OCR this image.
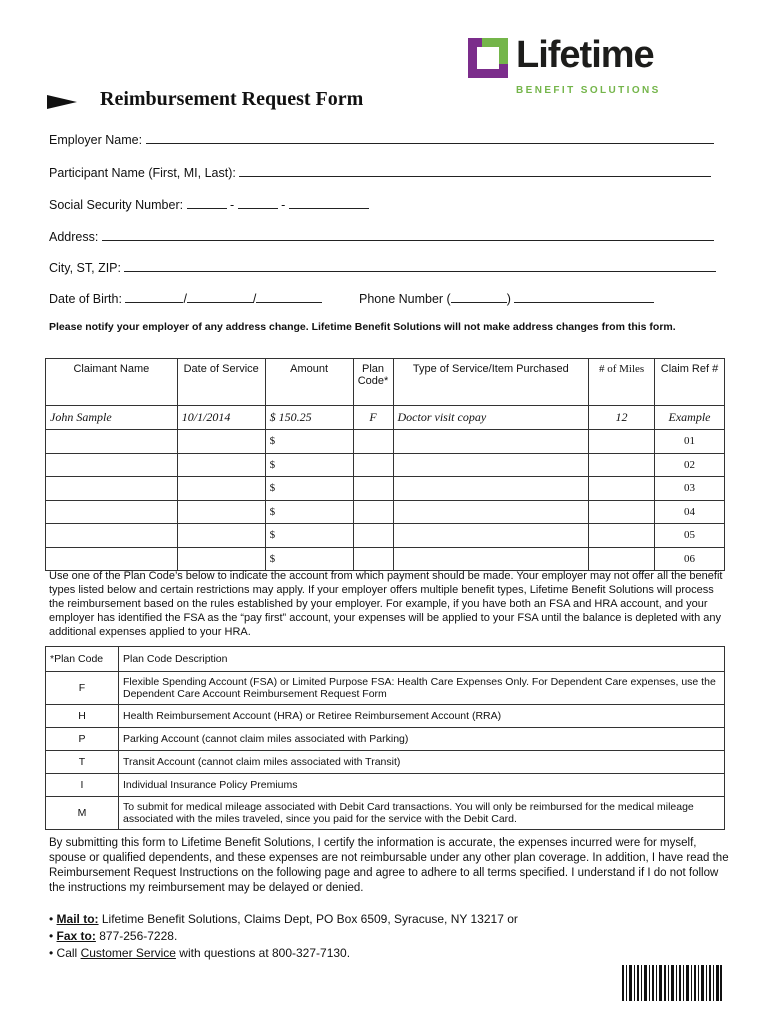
Lifetime
BENEFIT SOLUTIONS
Reimbursement Request Form
Employer Name:
Participant Name (First, MI, Last):
Social Security Number:	-	-
Address:
City, ST, ZIP:
Date of Birth:	/	/	Phone Number (	)
Please notify your employer of any address change. Lifetime Benefit Solutions will not make address changes from this form.
Claimant Name	Date of Service	Amount	Plan Code*	Type of Service/Item Purchased	# of Miles	Claim Ref #
John Sample	10/1/2014	$ 150.25	F	Doctor visit copay	12	Example
		$				01
		$				02
		$				03
		$				04
		$				05
		$				06
Use one of the Plan Code’s below to indicate the account from which payment should be made. Your employer may not offer all the benefit types listed below and certain restrictions may apply. If your employer offers multiple benefit types, Lifetime Benefit Solutions will process the reimbursement based on the rules established by your employer. For example, if you have both an FSA and HRA account, and your employer has identified the FSA as the “pay first” account, your expenses will be applied to your FSA until the balance is depleted with any additional expenses applied to your HRA.
*Plan Code	Plan Code Description
F	Flexible Spending Account (FSA) or Limited Purpose FSA: Health Care Expenses Only. For Dependent Care expenses, use the Dependent Care Account Reimbursement Request Form
H	Health Reimbursement Account (HRA) or Retiree Reimbursement Account (RRA)
P	Parking Account (cannot claim miles associated with Parking)
T	Transit Account (cannot claim miles associated with Transit)
I	Individual Insurance Policy Premiums
M	To submit for medical mileage associated with Debit Card transactions. You will only be reimbursed for the medical mileage associated with the miles traveled, since you paid for the service with the Debit Card.
By submitting this form to Lifetime Benefit Solutions, I certify the information is accurate, the expenses incurred were for myself, spouse or qualified dependents, and these expenses are not reimbursable under any other plan coverage. In addition, I have read the Reimbursement Request Instructions on the following page and agree to adhere to all terms specified. I understand if I do not follow the instructions my reimbursement may be delayed or denied.
• Mail to: Lifetime Benefit Solutions, Claims Dept, PO Box 6509, Syracuse, NY 13217 or
• Fax to: 877-256-7228.
• Call Customer Service with questions at 800-327-7130.
